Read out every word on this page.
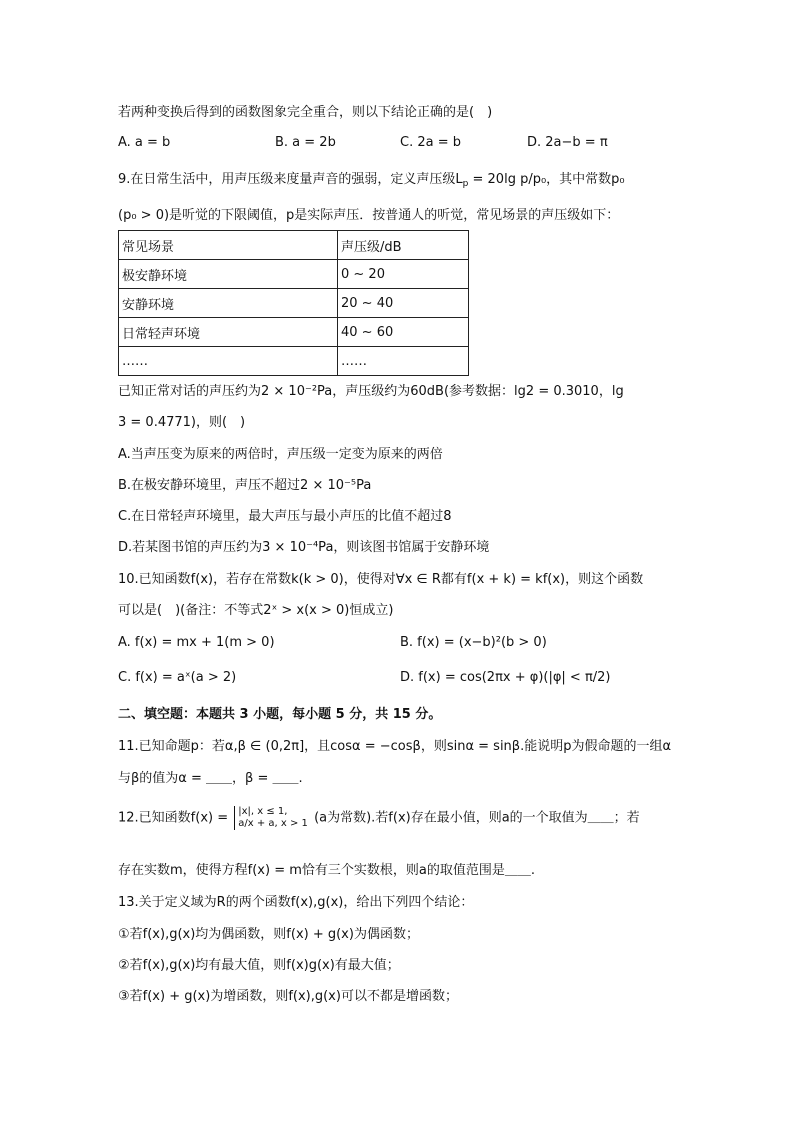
若两种变换后得到的函数图象完全重合，则以下结论正确的是(　)
A. a = b	B. a = 2b	C. 2a = b	D. 2a−b = π
9.在日常生活中，用声压级来度量声音的强弱，定义声压级$L_p = 20\lg$ p/p₀，其中常数p₀
(p₀ > 0)是听觉的下限阈值，p是实际声压．按普通人的听觉，常见场景的声压级如下：
常见场景	声压级/dB
极安静环境	0 ~ 20
安静环境	20 ~ 40
日常轻声环境	40 ~ 60
……	……
已知正常对话的声压约为2 × 10⁻²Pa，声压级约为60dB(参考数据：lg2 = 0.3010，lg
3 = 0.4771)，则(　)
A.当声压变为原来的两倍时，声压级一定变为原来的两倍
B.在极安静环境里，声压不超过2 × 10⁻⁵Pa
C.在日常轻声环境里，最大声压与最小声压的比值不超过8
D.若某图书馆的声压约为3 × 10⁻⁴Pa，则该图书馆属于安静环境
10.已知函数f(x)，若存在常数k(k > 0)，使得对∀x ∈ R都有f(x + k) = kf(x)，则这个函数
可以是(　)(备注：不等式2ˣ > x(x > 0)恒成立)
A. f(x) = mx + 1(m > 0)	B. f(x) = (x−b)²(b > 0)
C. f(x) = aˣ(a > 2)	D. f(x) = cos(2πx + φ)(|φ| < π/2)
二、填空题：本题共 3 小题，每小题 5 分，共 15 分。
11.已知命题p：若α,β ∈ (0,2π]，且cosα = −cosβ，则sinα = sinβ.能说明p为假命题的一组α
与β的值为α = ＿＿，β = ＿＿.
12.已知函数f(x) = |x|, x ≤ 1,
a/x + a, x > 1 (a为常数).若f(x)存在最小值，则a的一个取值为＿＿；若
存在实数m，使得方程f(x) = m恰有三个实数根，则a的取值范围是＿＿.
13.关于定义域为R的两个函数f(x),g(x)，给出下列四个结论：
①若f(x),g(x)均为偶函数，则f(x) + g(x)为偶函数；
②若f(x),g(x)均有最大值，则f(x)g(x)有最大值；
③若f(x) + g(x)为增函数，则f(x),g(x)可以不都是增函数；
